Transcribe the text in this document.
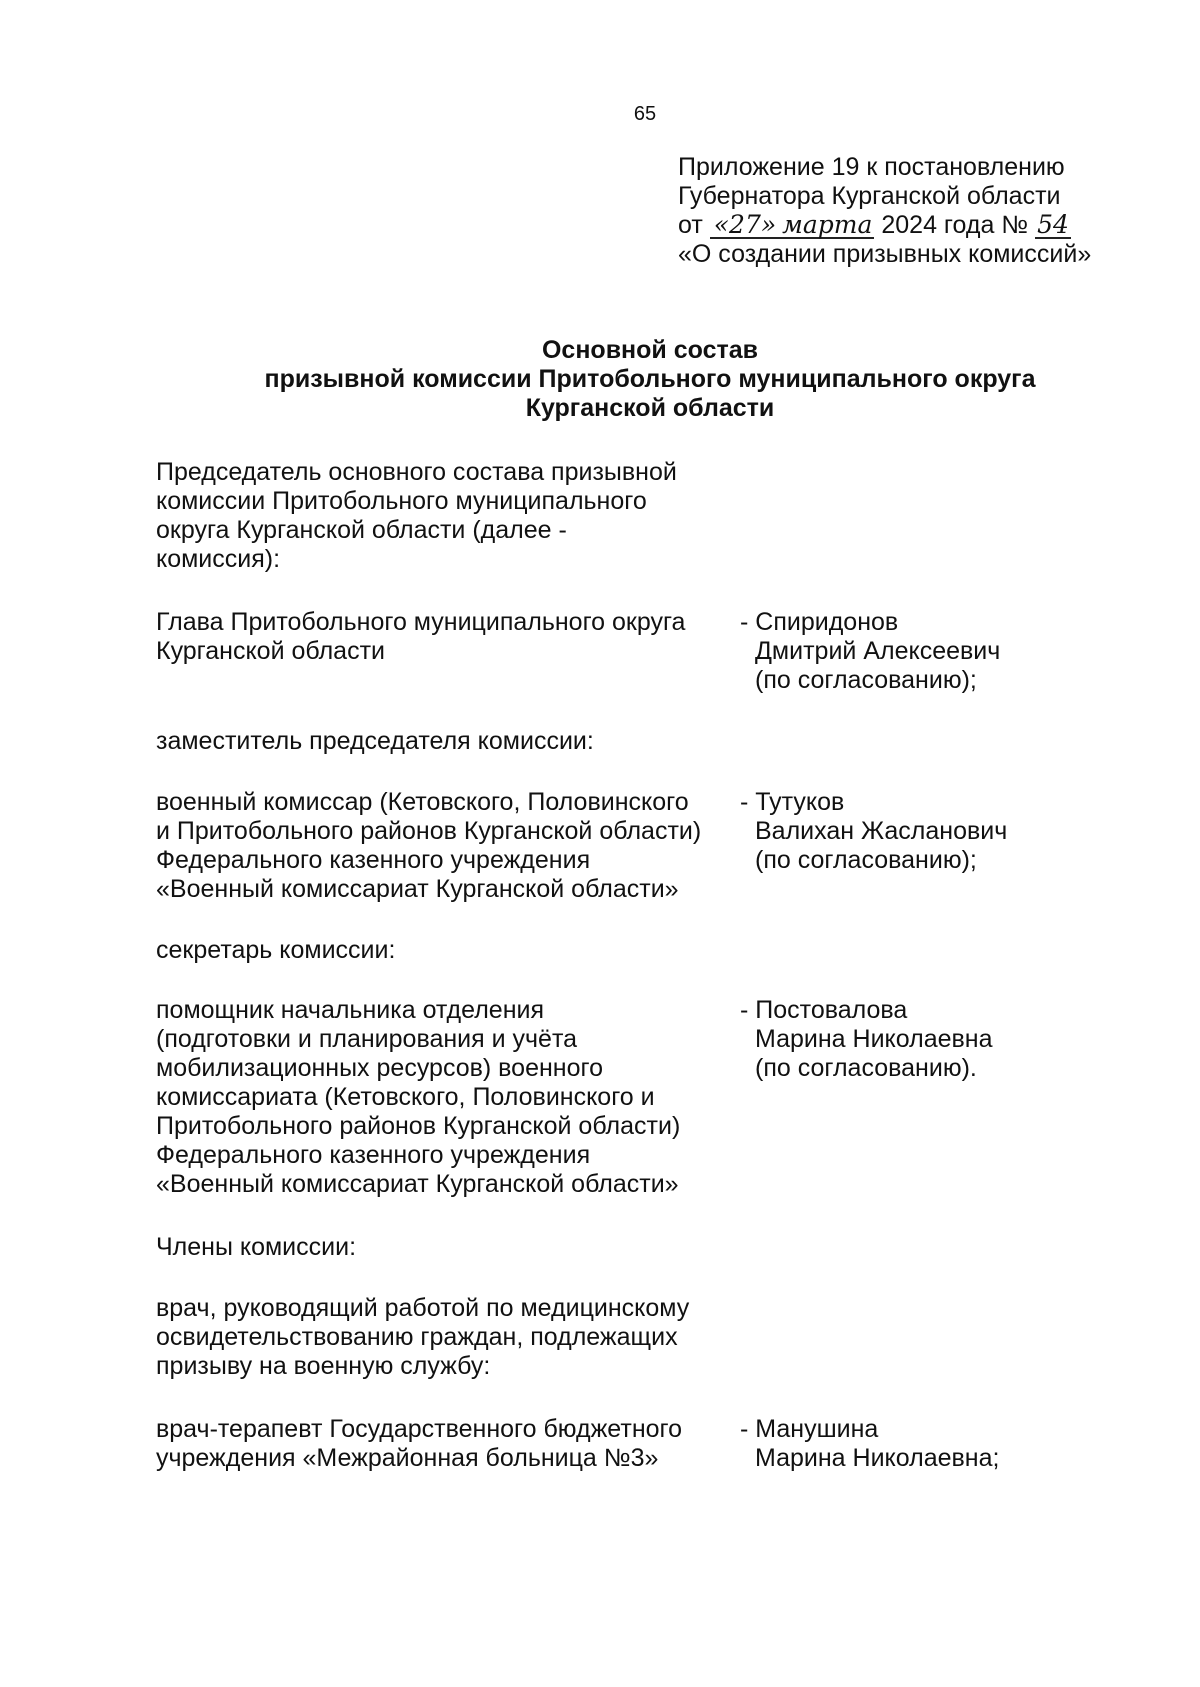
65
Приложение 19 к постановлению
Губернатора Курганской области
от «27» марта 2024 года № 54
«О создании призывных комиссий»
Основной состав
призывной комиссии Притобольного муниципального округа
Курганской области
Председатель основного состава призывной
комиссии Притобольного муниципального
округа Курганской области (далее -
комиссия):
Глава Притобольного муниципального округа
Курганской области
- Спиридонов
Дмитрий Алексеевич
(по согласованию);
заместитель председателя комиссии:
военный комиссар (Кетовского, Половинского
и Притобольного районов Курганской области)
Федерального казенного учреждения
«Военный комиссариат Курганской области»
- Тутуков
Валихан Жасланович
(по согласованию);
секретарь комиссии:
помощник начальника отделения
(подготовки и планирования и учёта
мобилизационных ресурсов) военного
комиссариата (Кетовского, Половинского и
Притобольного районов Курганской области)
Федерального казенного учреждения
«Военный комиссариат Курганской области»
- Постовалова
Марина Николаевна
(по согласованию).
Члены комиссии:
врач, руководящий работой по медицинскому
освидетельствованию граждан, подлежащих
призыву на военную службу:
врач-терапевт Государственного бюджетного
учреждения «Межрайонная больница №3»
- Манушина
Марина Николаевна;
